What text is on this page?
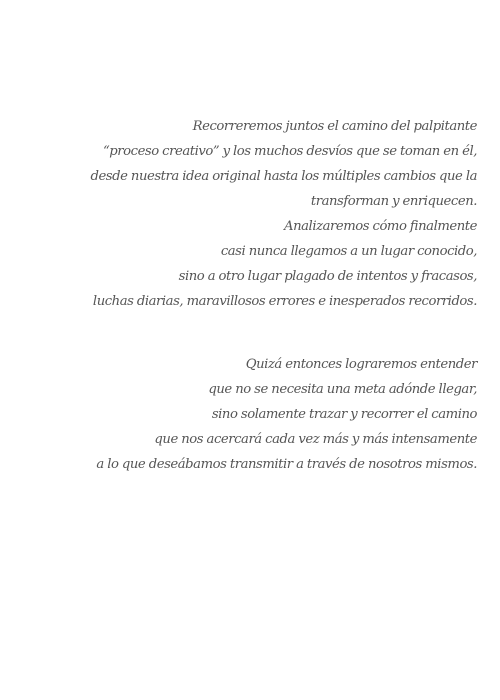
Recorreremos juntos el camino del palpitante
“proceso creativo” y los muchos desvíos que se toman en él,
desde nuestra idea original hasta los múltiples cambios que la
transforman y enriquecen.
Analizaremos cómo finalmente
casi nunca llegamos a un lugar conocido,
sino a otro lugar plagado de intentos y fracasos,
luchas diarias, maravillosos errores e inesperados recorridos.
Quizá entonces lograremos entender
que no se necesita una meta adónde llegar,
sino solamente trazar y recorrer el camino
que nos acercará cada vez más y más intensamente
a lo que deseábamos transmitir a través de nosotros mismos.
